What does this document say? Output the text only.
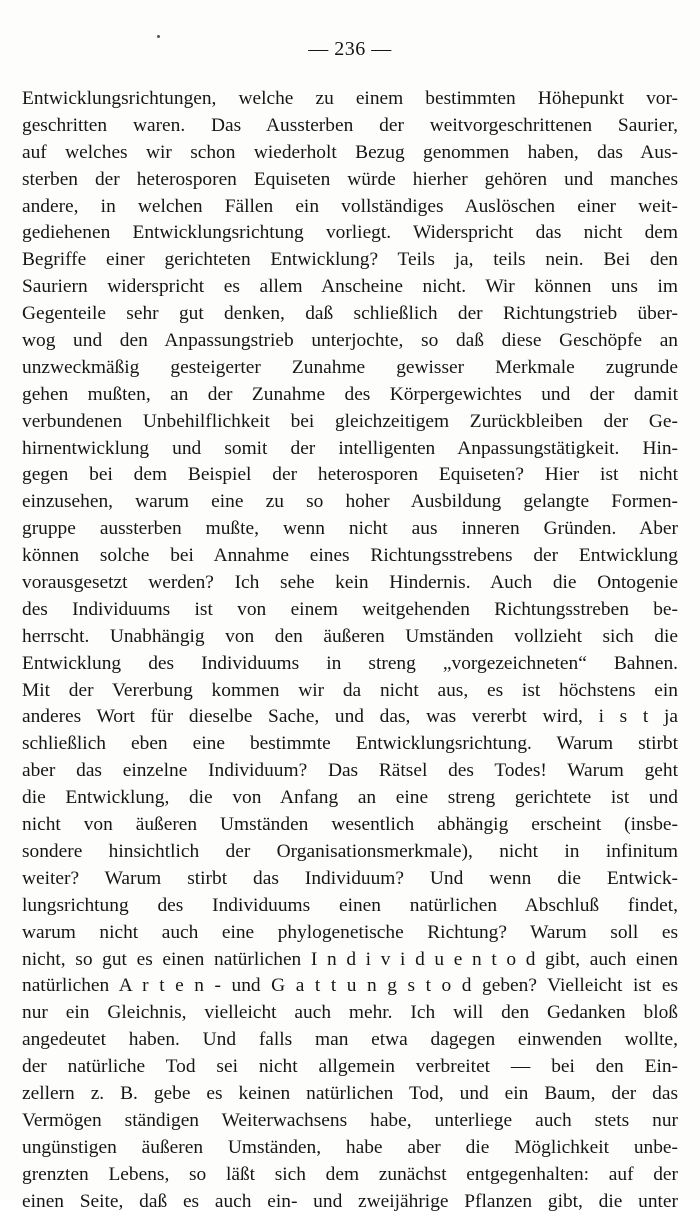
— 236 —
Entwicklungsrichtungen, welche zu einem bestimmten Höhepunkt vor-
geschritten waren. Das Aussterben der weitvorgeschrittenen Saurier,
auf welches wir schon wiederholt Bezug genommen haben, das Aus-
sterben der heterosporen Equiseten würde hierher gehören und manches
andere, in welchen Fällen ein vollständiges Auslöschen einer weit-
gediehenen Entwicklungsrichtung vorliegt. Widerspricht das nicht dem
Begriffe einer gerichteten Entwicklung? Teils ja, teils nein. Bei den
Sauriern widerspricht es allem Anscheine nicht. Wir können uns im
Gegenteile sehr gut denken, daß schließlich der Richtungstrieb über-
wog und den Anpassungstrieb unterjochte, so daß diese Geschöpfe an
unzweckmäßig gesteigerter Zunahme gewisser Merkmale zugrunde
gehen mußten, an der Zunahme des Körpergewichtes und der damit
verbundenen Unbehilflichkeit bei gleichzeitigem Zurückbleiben der Ge-
hirnentwicklung und somit der intelligenten Anpassungstätigkeit. Hin-
gegen bei dem Beispiel der heterosporen Equiseten? Hier ist nicht
einzusehen, warum eine zu so hoher Ausbildung gelangte Formen-
gruppe aussterben mußte, wenn nicht aus inneren Gründen. Aber
können solche bei Annahme eines Richtungsstrebens der Entwicklung
vorausgesetzt werden? Ich sehe kein Hindernis. Auch die Ontogenie
des Individuums ist von einem weitgehenden Richtungsstreben be-
herrscht. Unabhängig von den äußeren Umständen vollzieht sich die
Entwicklung des Individuums in streng „vorgezeichneten“ Bahnen.
Mit der Vererbung kommen wir da nicht aus, es ist höchstens ein
anderes Wort für dieselbe Sache, und das, was vererbt wird, i s t ja
schließlich eben eine bestimmte Entwicklungsrichtung. Warum stirbt
aber das einzelne Individuum? Das Rätsel des Todes! Warum geht
die Entwicklung, die von Anfang an eine streng gerichtete ist und
nicht von äußeren Umständen wesentlich abhängig erscheint (insbe-
sondere hinsichtlich der Organisationsmerkmale), nicht in infinitum
weiter? Warum stirbt das Individuum? Und wenn die Entwick-
lungsrichtung des Individuums einen natürlichen Abschluß findet,
warum nicht auch eine phylogenetische Richtung? Warum soll es
nicht, so gut es einen natürlichen I n d i v i d u e n t o d gibt, auch einen
natürlichen A r t e n - und G a t t u n g s t o d geben? Vielleicht ist es
nur ein Gleichnis, vielleicht auch mehr. Ich will den Gedanken bloß
angedeutet haben. Und falls man etwa dagegen einwenden wollte,
der natürliche Tod sei nicht allgemein verbreitet — bei den Ein-
zellern z. B. gebe es keinen natürlichen Tod, und ein Baum, der das
Vermögen ständigen Weiterwachsens habe, unterliege auch stets nur
ungünstigen äußeren Umständen, habe aber die Möglichkeit unbe-
grenzten Lebens, so läßt sich dem zunächst entgegenhalten: auf der
einen Seite, daß es auch ein- und zweijährige Pflanzen gibt, die unter
